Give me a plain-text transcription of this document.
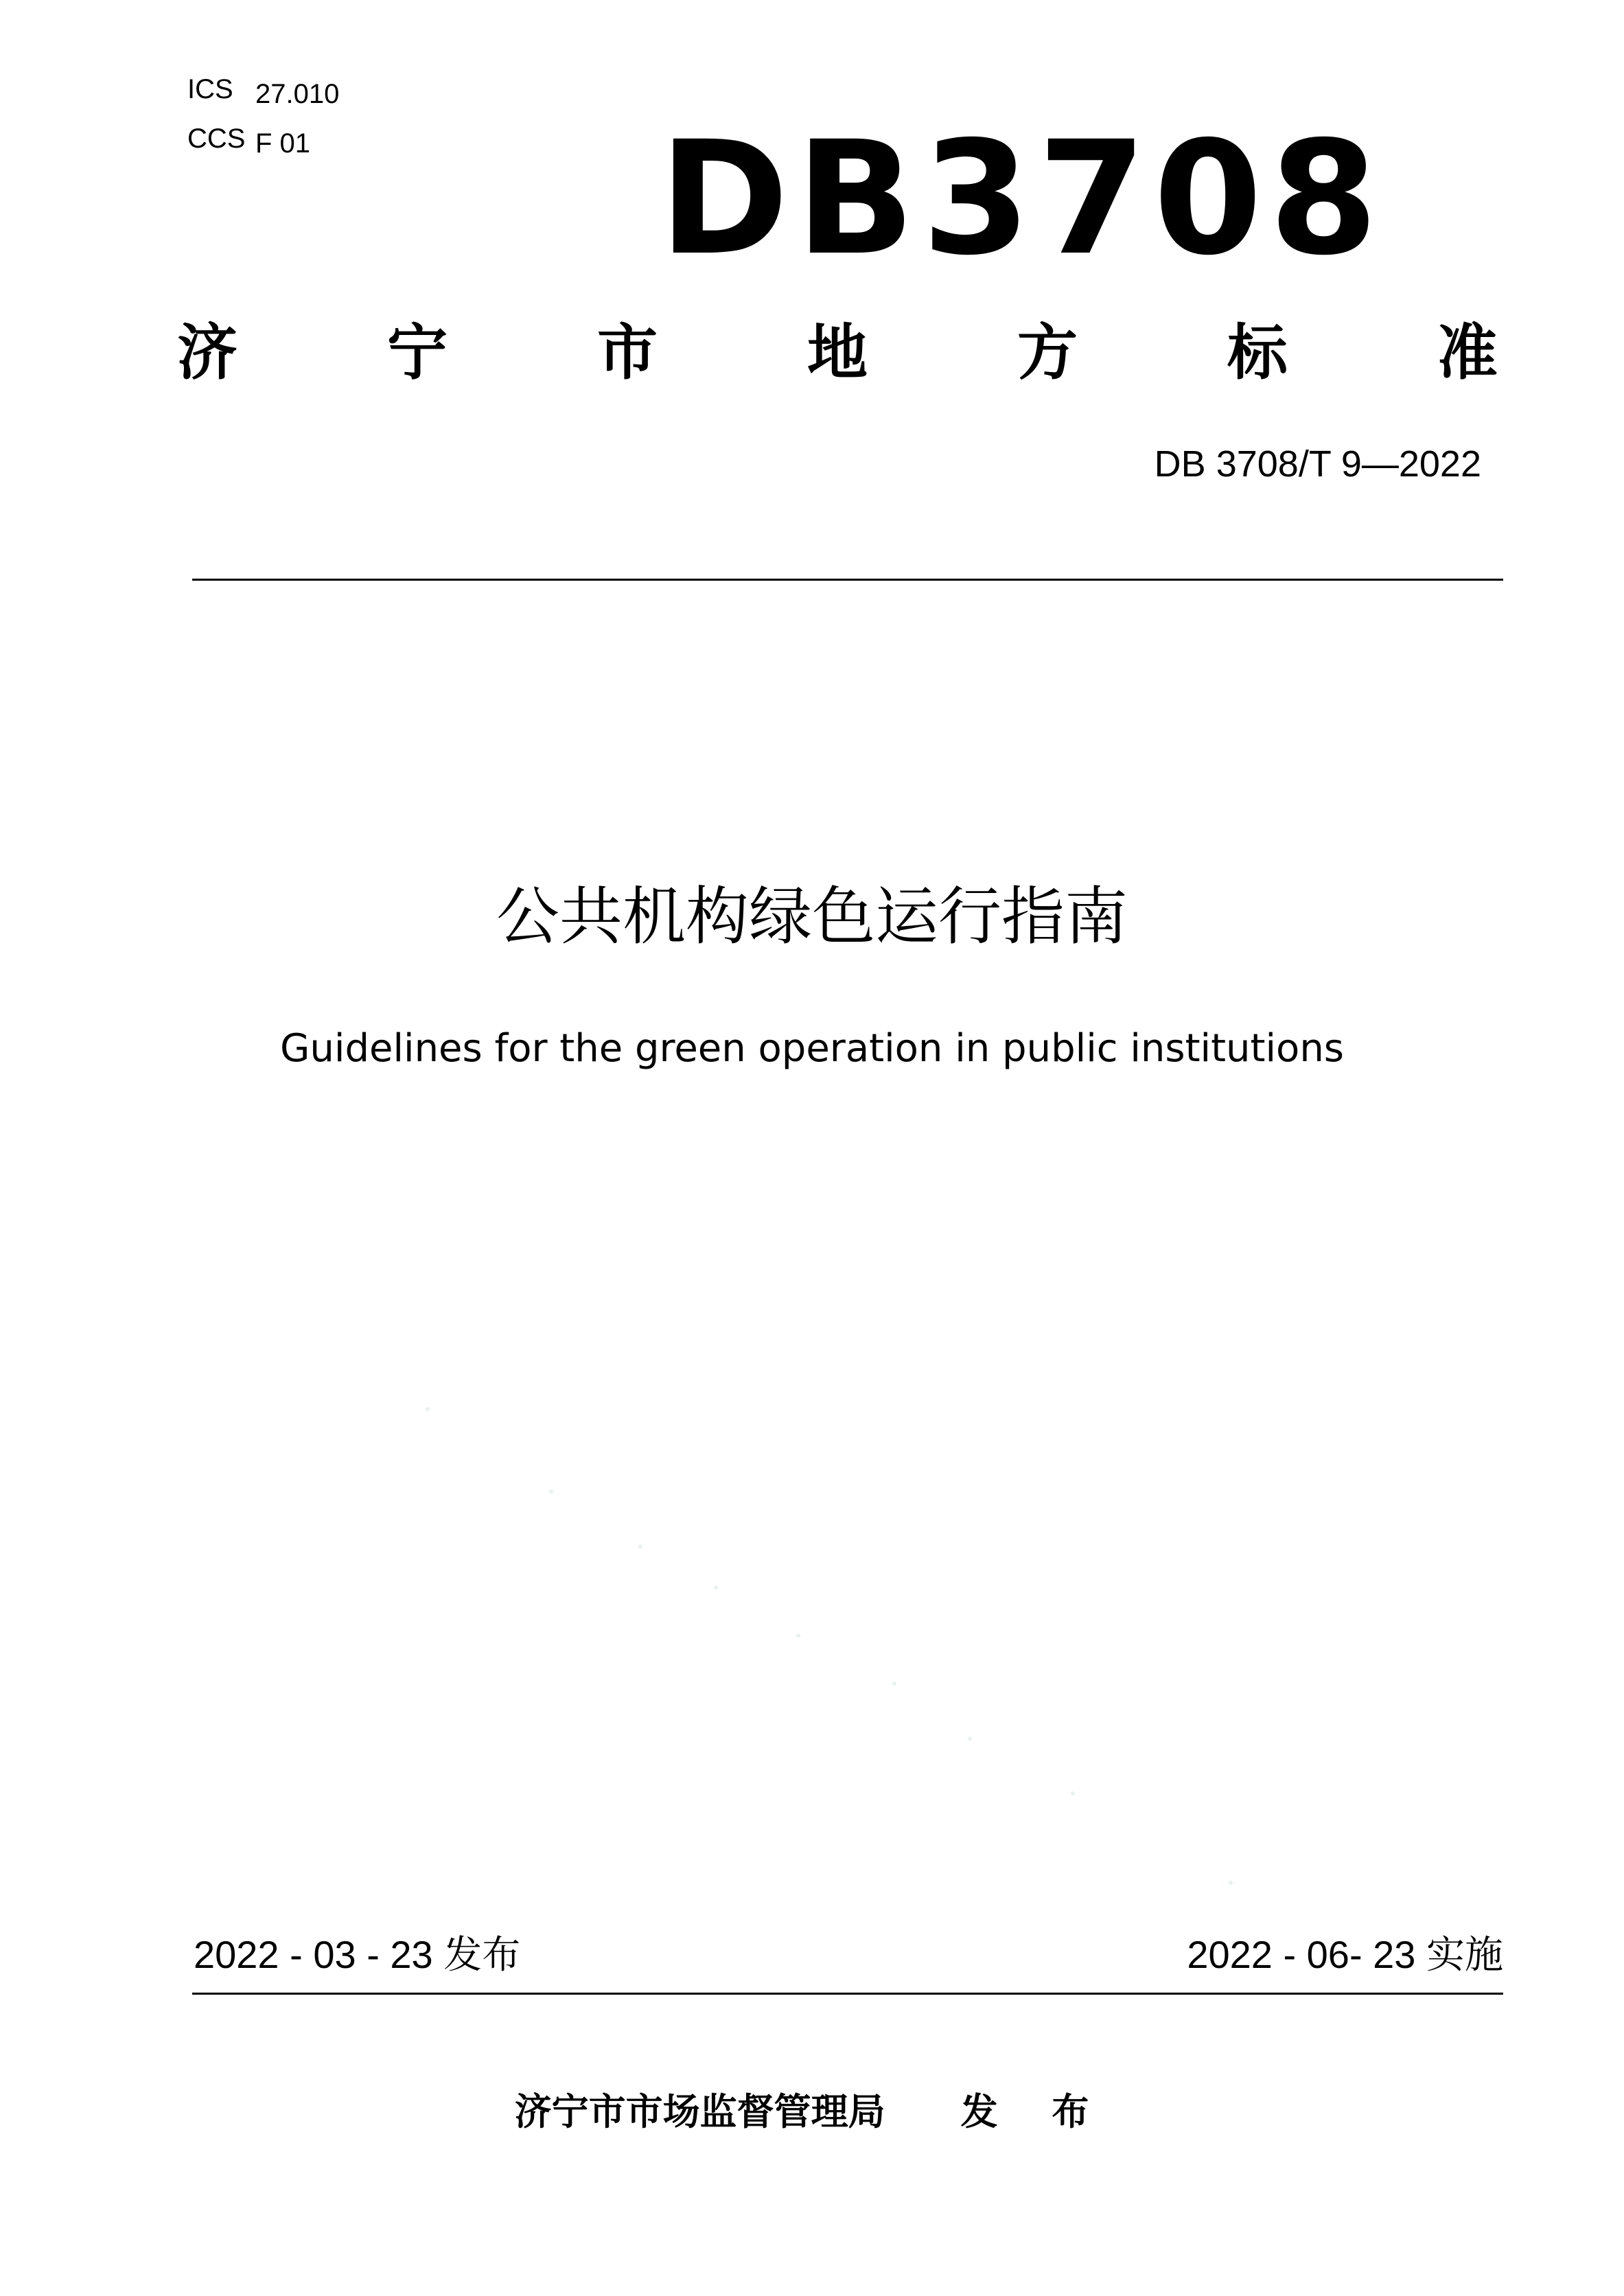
ICS 27.010
CCS F 01 DB3708
济 宁 市 地 方 标 准
DB 3708/T 9—2022
公共机构绿色运行指南
Guidelines for the green operation in public institutions
2022 - 03 - 23 发布	2022 - 06- 23 实施
济宁市市场监督管理局 发 布
